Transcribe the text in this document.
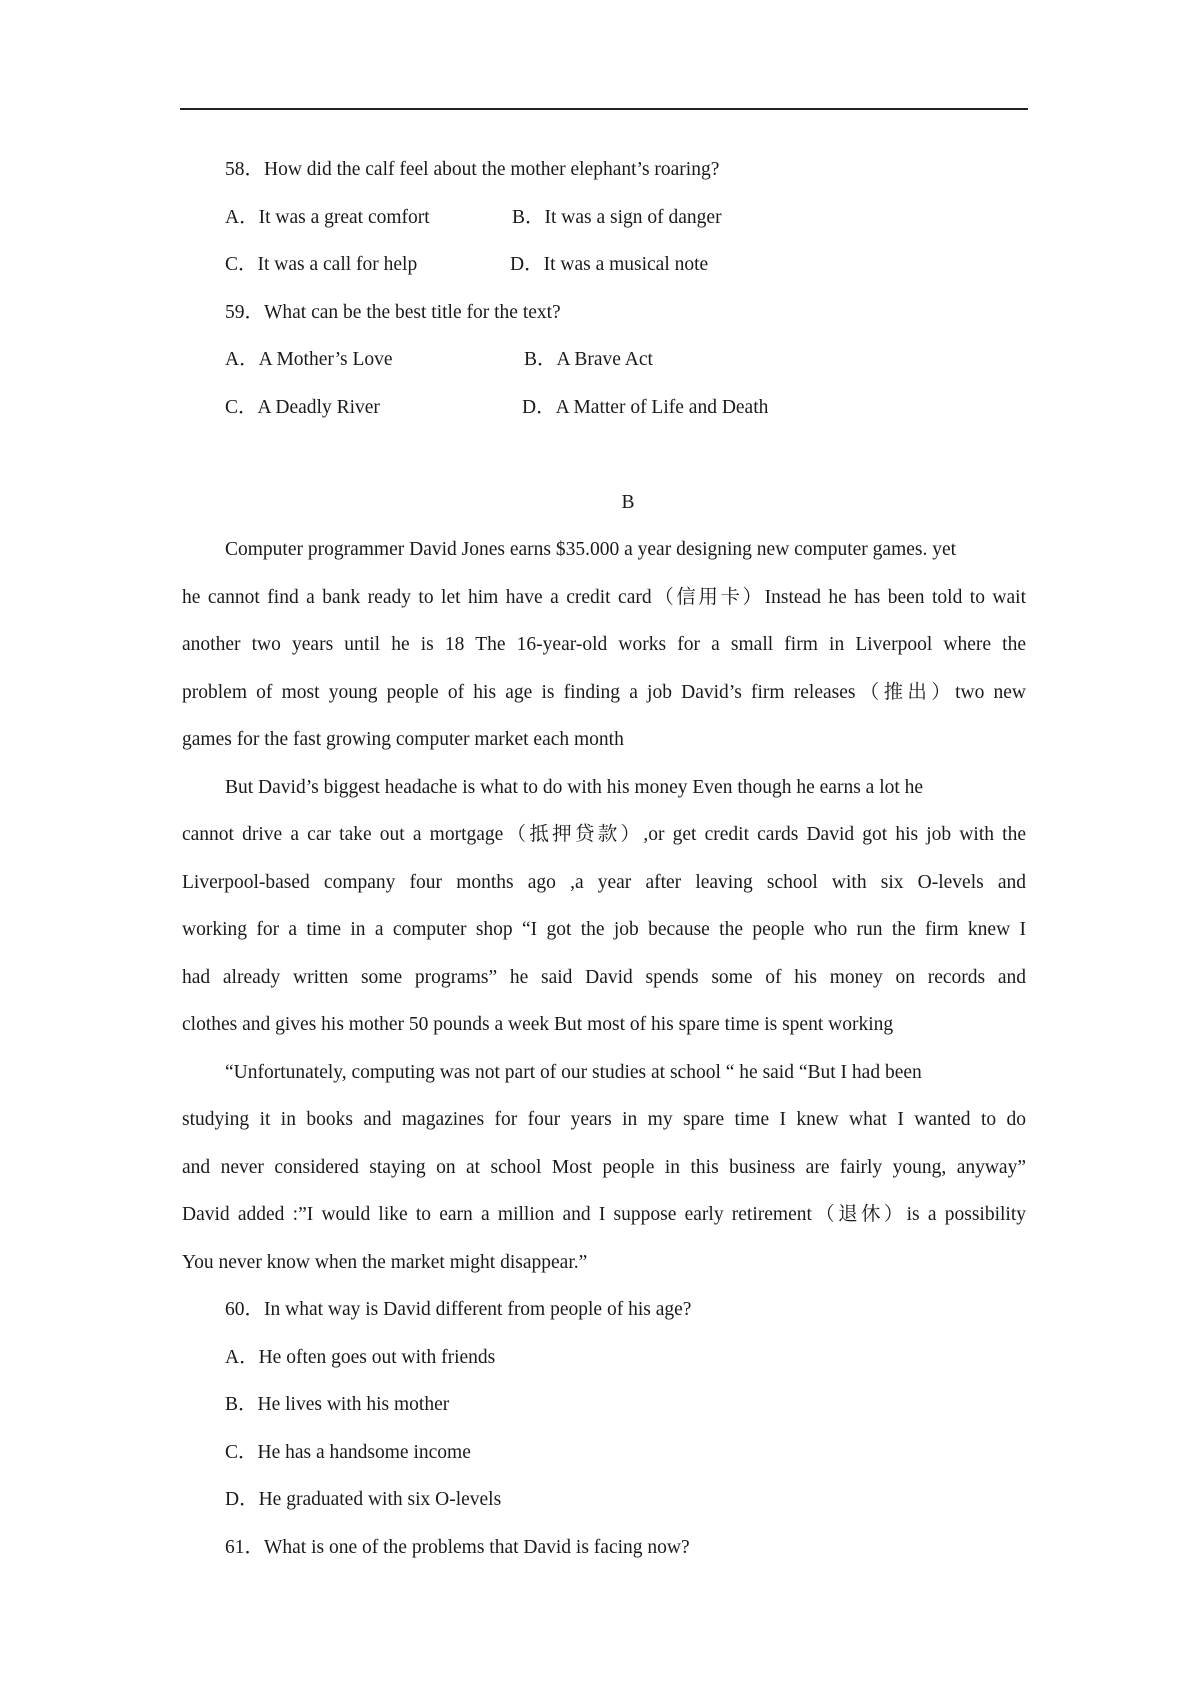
58．How did the calf feel about the mother elephant’s roaring?
A．It was a great comfort	B．It was a sign of danger
C．It was a call for help	D．It was a musical note
59．What can be the best title for the text?
A．A Mother’s Love	B．A Brave Act
C．A Deadly River	D．A Matter of Life and Death
B
Computer programmer David Jones earns $35.000 a year designing new computer games. yet
he cannot find a bank ready to let him have a credit card（信用卡）Instead he has been told to wait
another two years until he is 18 The 16-year-old works for a small firm in Liverpool where the
problem of most young people of his age is finding a job David’s firm releases（推出）two new
games for the fast growing computer market each month
But David’s biggest headache is what to do with his money Even though he earns a lot he
cannot drive a car take out a mortgage（抵押贷款）,or get credit cards David got his job with the
Liverpool-based company four months ago ,a year after leaving school with six O-levels and
working for a time in a computer shop “I got the job because the people who run the firm knew I
had already written some programs” he said David spends some of his money on records and
clothes and gives his mother 50 pounds a week But most of his spare time is spent working
“Unfortunately, computing was not part of our studies at school “ he said “But I had been
studying it in books and magazines for four years in my spare time I knew what I wanted to do
and never considered staying on at school Most people in this business are fairly young, anyway”
David added :”I would like to earn a million and I suppose early retirement（退休）is a possibility
You never know when the market might disappear.”
60．In what way is David different from people of his age?
A．He often goes out with friends
B．He lives with his mother
C．He has a handsome income
D．He graduated with six O-levels
61．What is one of the problems that David is facing now?
